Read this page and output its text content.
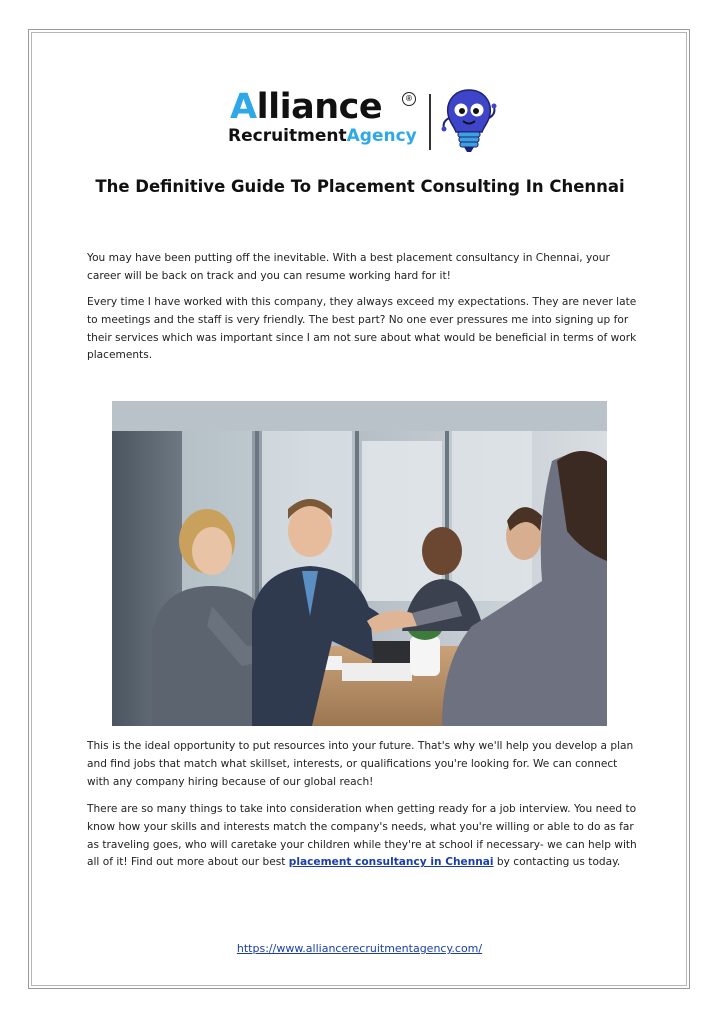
Alliance	®
RecruitmentAgency
The Definitive Guide To Placement Consulting In Chennai

You may have been putting off the inevitable. With a best placement consultancy in Chennai, your career will be back on track and you can resume working hard for it!

Every time I have worked with this company, they always exceed my expectations. They are never late to meetings and the staff is very friendly. The best part? No one ever pressures me into signing up for their services which was important since I am not sure about what would be beneficial in terms of work placements.

This is the ideal opportunity to put resources into your future. That's why we'll help you develop a plan and find jobs that match what skillset, interests, or qualifications you're looking for. We can connect with any company hiring because of our global reach!

There are so many things to take into consideration when getting ready for a job interview. You need to know how your skills and interests match the company's needs, what you're willing or able to do as far as traveling goes, who will caretake your children while they're at school if necessary- we can help with all of it! Find out more about our best placement consultancy in Chennai by contacting us today.

https://www.alliancerecruitmentagency.com/
